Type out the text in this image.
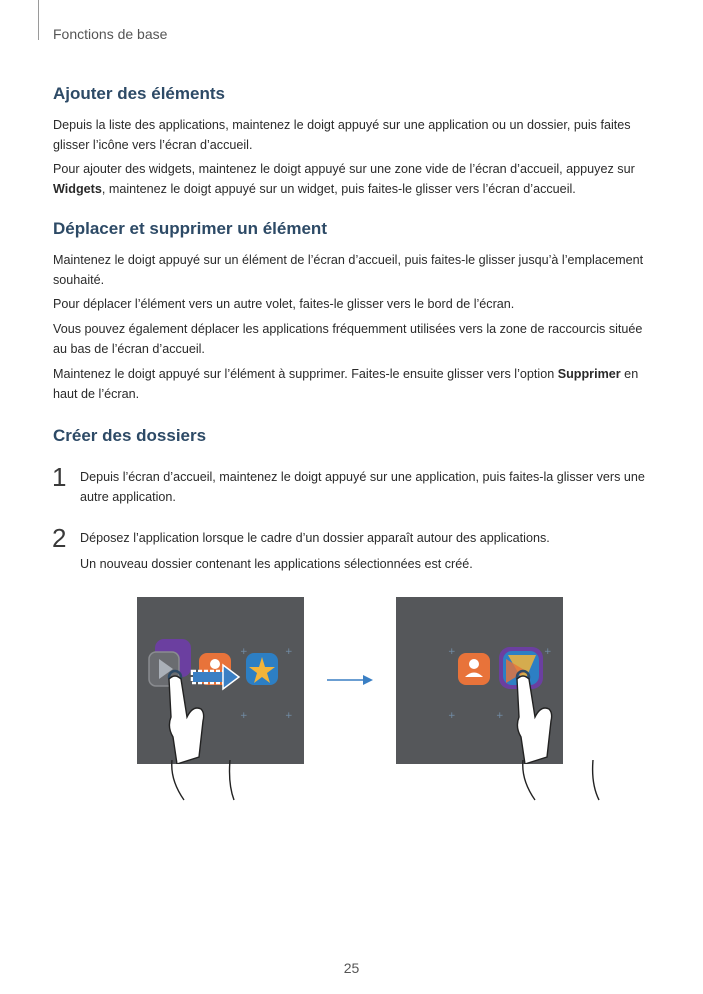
Fonctions de base
Ajouter des éléments
Depuis la liste des applications, maintenez le doigt appuyé sur une application ou un dossier, puis faites glisser l’icône vers l’écran d’accueil.
Pour ajouter des widgets, maintenez le doigt appuyé sur une zone vide de l’écran d’accueil, appuyez sur Widgets, maintenez le doigt appuyé sur un widget, puis faites-le glisser vers l’écran d’accueil.
Déplacer et supprimer un élément
Maintenez le doigt appuyé sur un élément de l’écran d’accueil, puis faites-le glisser jusqu’à l’emplacement souhaité.
Pour déplacer l’élément vers un autre volet, faites-le glisser vers le bord de l’écran.
Vous pouvez également déplacer les applications fréquemment utilisées vers la zone de raccourcis située au bas de l’écran d’accueil.
Maintenez le doigt appuyé sur l’élément à supprimer. Faites-le ensuite glisser vers l’option Supprimer en haut de l’écran.
Créer des dossiers
1 Depuis l’écran d’accueil, maintenez le doigt appuyé sur une application, puis faites-la glisser vers une autre application.
2 Déposez l’application lorsque le cadre d’un dossier apparaît autour des applications.
Un nouveau dossier contenant les applications sélectionnées est créé.
+	+
+	+
+	+
+	+
25
